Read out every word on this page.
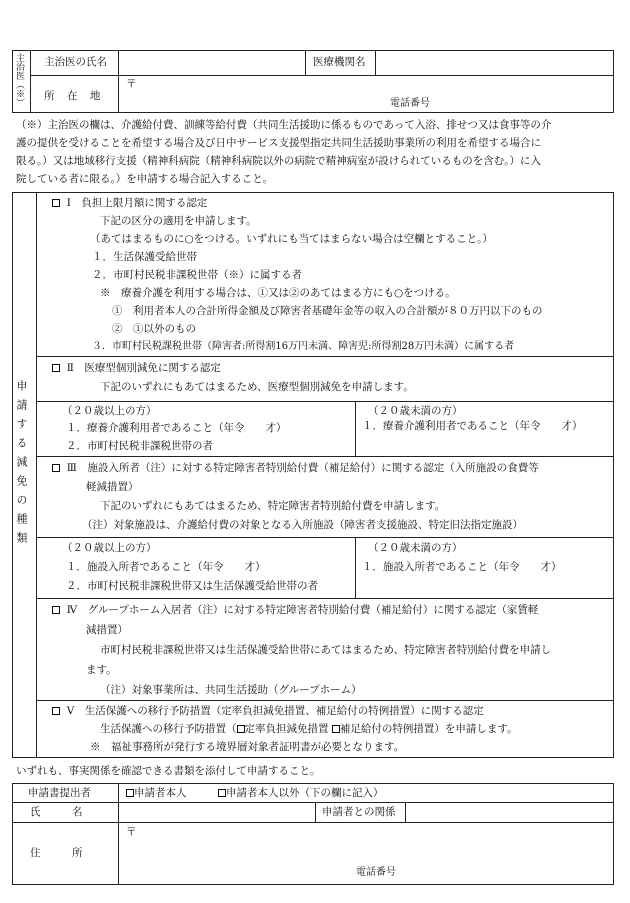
主治医（※） 主治医の氏名	医療機関名
所　在　地
〒
電話番号
（※）主治医の欄は、介護給付費、訓練等給付費（共同生活援助に係るものであって入浴、排せつ又は食事等の介
護の提供を受けることを希望する場合及び日中サービス支援型指定共同生活援助事業所の利用を希望する場合に
限る。）又は地域移行支援（精神科病院（精神科病院以外の病院で精神病室が設けられているものを含む。）に入
院している者に限る。）を申請する場合記入すること。
申請する減免の種類
Ⅰ　負担上限月額に関する認定
下記の区分の適用を申請します。
（あてはまるものに○をつける。いずれにも当てはまらない場合は空欄とすること。）
１．生活保護受給世帯
２．市町村民税非課税世帯（※）に属する者
※　療養介護を利用する場合は、①又は②のあてはまる方にも○をつける。
①　利用者本人の合計所得金額及び障害者基礎年金等の収入の合計額が８０万円以下のもの
②　①以外のもの
３．市町村民税課税世帯（障害者:所得割16万円未満、障害児:所得割28万円未満）に属する者
Ⅱ　医療型個別減免に関する認定
下記のいずれにもあてはまるため、医療型個別減免を申請します。
（２０歳以上の方）
１．療養介護利用者であること（年令　　才）
２．市町村民税非課税世帯の者
（２０歳未満の方）
１．療養介護利用者であること（年令　　才）
Ⅲ　施設入所者（注）に対する特定障害者特別給付費（補足給付）に関する認定（入所施設の食費等
軽減措置）
下記のいずれにもあてはまるため、特定障害者特別給付費を申請します。
（注）対象施設は、介護給付費の対象となる入所施設（障害者支援施設、特定旧法指定施設）
（２０歳以上の方）
１．施設入所者であること（年令　　才）
２．市町村民税非課税世帯又は生活保護受給世帯の者
（２０歳未満の方）
１．施設入所者であること（年令　　才）
Ⅳ　グループホーム入居者（注）に対する特定障害者特別給付費（補足給付）に関する認定（家賃軽
減措置）
市町村民税非課税世帯又は生活保護受給世帯にあてはまるため、特定障害者特別給付費を申請し
ます。
（注）対象事業所は、共同生活援助（グループホーム）
Ⅴ　生活保護への移行予防措置（定率負担減免措置、補足給付の特例措置）に関する認定
生活保護への移行予防措置（ 定率負担減免措置 補足給付の特例措置）を申請します。
※　福祉事務所が発行する境界層対象者証明書が必要となります。
いずれも、事実関係を確認できる書類を添付して申請すること。
申請書提出者	申請者本人	申請者本人以外（下の欄に記入）
氏　　　名	申請者との関係
住　　　所
〒
電話番号
